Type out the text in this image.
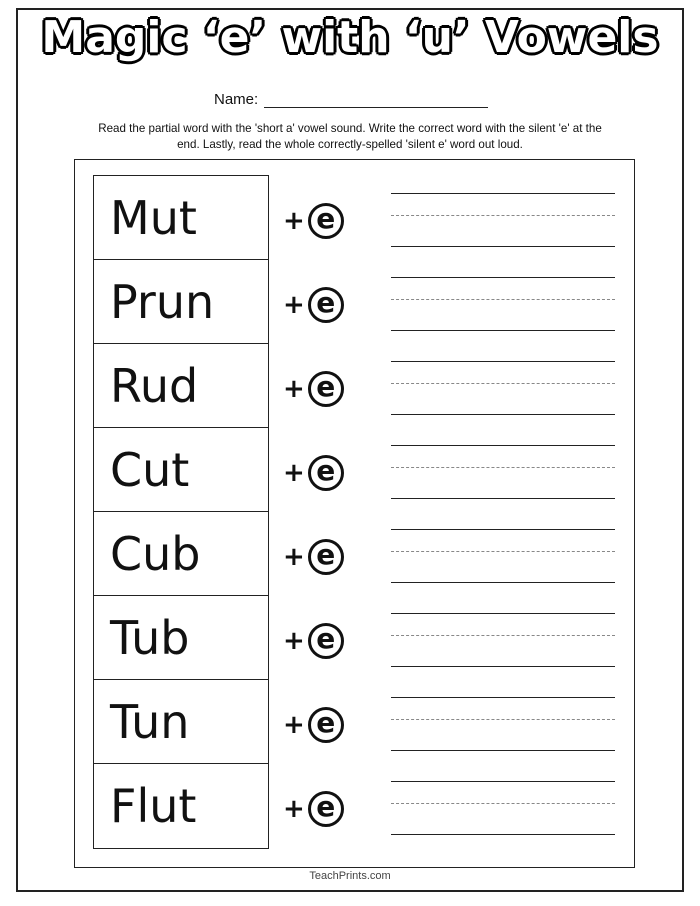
Magic ‘e’ with ‘u’ Vowels
Name:

Read the partial word with the 'short a' vowel sound. Write the correct word with the silent 'e' at the
end. Lastly, read the whole correctly-spelled 'silent e' word out loud.

Mut
Prun
Rud
Cut
Cub
Tub
Tun
Flut
+ e
+ e
+ e
+ e
+ e
+ e
+ e
+ e
TeachPrints.com
